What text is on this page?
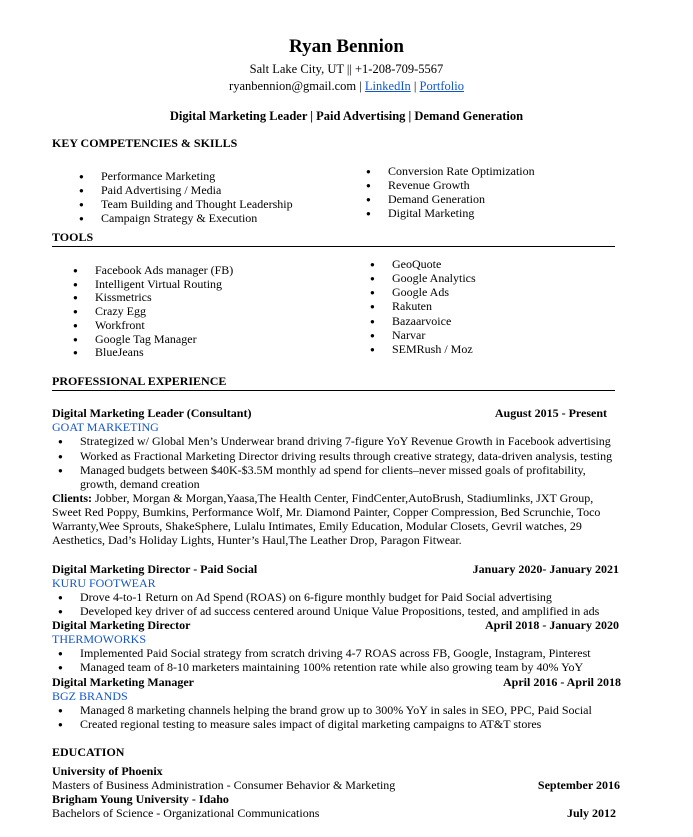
Ryan Bennion
Salt Lake City, UT || +1-208-709-5567
ryanbennion@gmail.com | LinkedIn | Portfolio
Digital Marketing Leader | Paid Advertising | Demand Generation
KEY COMPETENCIES & SKILLS
● Performance Marketing
● Paid Advertising / Media
● Team Building and Thought Leadership
● Campaign Strategy & Execution
● Conversion Rate Optimization
● Revenue Growth
● Demand Generation
● Digital Marketing
TOOLS
● Facebook Ads manager (FB)
● Intelligent Virtual Routing
● Kissmetrics
● Crazy Egg
● Workfront
● Google Tag Manager
● BlueJeans
● GeoQuote
● Google Analytics
● Google Ads
● Rakuten
● Bazaarvoice
● Narvar
● SEMRush / Moz
PROFESSIONAL EXPERIENCE
Digital Marketing Leader (Consultant)	August 2015 - Present
GOAT MARKETING
● Strategized w/ Global Men’s Underwear brand driving 7-figure YoY Revenue Growth in Facebook advertising
● Worked as Fractional Marketing Director driving results through creative strategy, data-driven analysis, testing
● Managed budgets between $40K-$3.5M monthly ad spend for clients–never missed goals of profitability,
growth, demand creation
Clients: Jobber, Morgan & Morgan,Yaasa,The Health Center, FindCenter,AutoBrush, Stadiumlinks, JXT Group, Sweet Red Poppy, Bumkins, Performance Wolf, Mr. Diamond Painter, Copper Compression, Bed Scrunchie, Toco Warranty,Wee Sprouts, ShakeSphere, Lulalu Intimates, Emily Education, Modular Closets, Gevril watches, 29 Aesthetics, Dad’s Holiday Lights, Hunter’s Haul,The Leather Drop, Paragon Fitwear.
Digital Marketing Director - Paid Social	January 2020- January 2021
KURU FOOTWEAR
● Drove 4-to-1 Return on Ad Spend (ROAS) on 6-figure monthly budget for Paid Social advertising
● Developed key driver of ad success centered around Unique Value Propositions, tested, and amplified in ads
Digital Marketing Director	April 2018 - January 2020
THERMOWORKS
● Implemented Paid Social strategy from scratch driving 4-7 ROAS across FB, Google, Instagram, Pinterest
● Managed team of 8-10 marketers maintaining 100% retention rate while also growing team by 40% YoY
Digital Marketing Manager	April 2016 - April 2018
BGZ BRANDS
● Managed 8 marketing channels helping the brand grow up to 300% YoY in sales in SEO, PPC, Paid Social
● Created regional testing to measure sales impact of digital marketing campaigns to AT&T stores
EDUCATION
University of Phoenix
Masters of Business Administration - Consumer Behavior & Marketing	September 2016
Brigham Young University - Idaho
Bachelors of Science - Organizational Communications	July 2012
